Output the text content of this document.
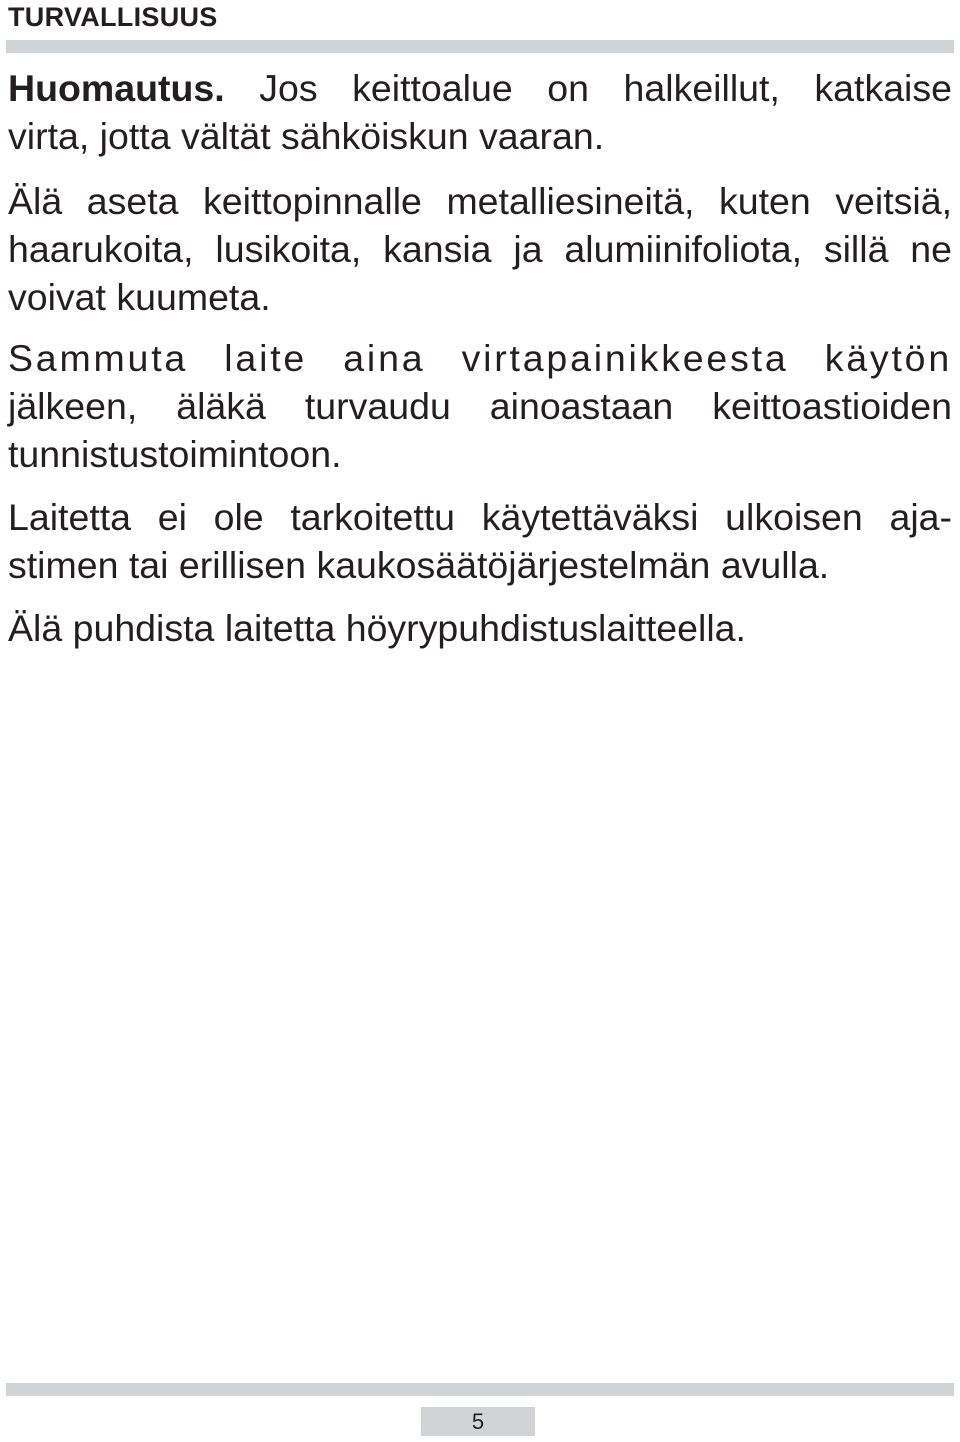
TURVALLISUUS

Huomautus. Jos keittoalue on halkeillut, katkaise
virta, jotta vältät sähköiskun vaaran.

Älä aseta keittopinnalle metalliesineitä, kuten veitsiä,
haarukoita, lusikoita, kansia ja alumiinifoliota, sillä ne
voivat kuumeta.

Sammuta laite aina virtapainikkeesta käytön
jälkeen, äläkä turvaudu ainoastaan keittoastioiden
tunnistustoimintoon.

Laitetta ei ole tarkoitettu käytettäväksi ulkoisen aja-
stimen tai erillisen kaukosäätöjärjestelmän avulla.

Älä puhdista laitetta höyrypuhdistuslaitteella.

5
